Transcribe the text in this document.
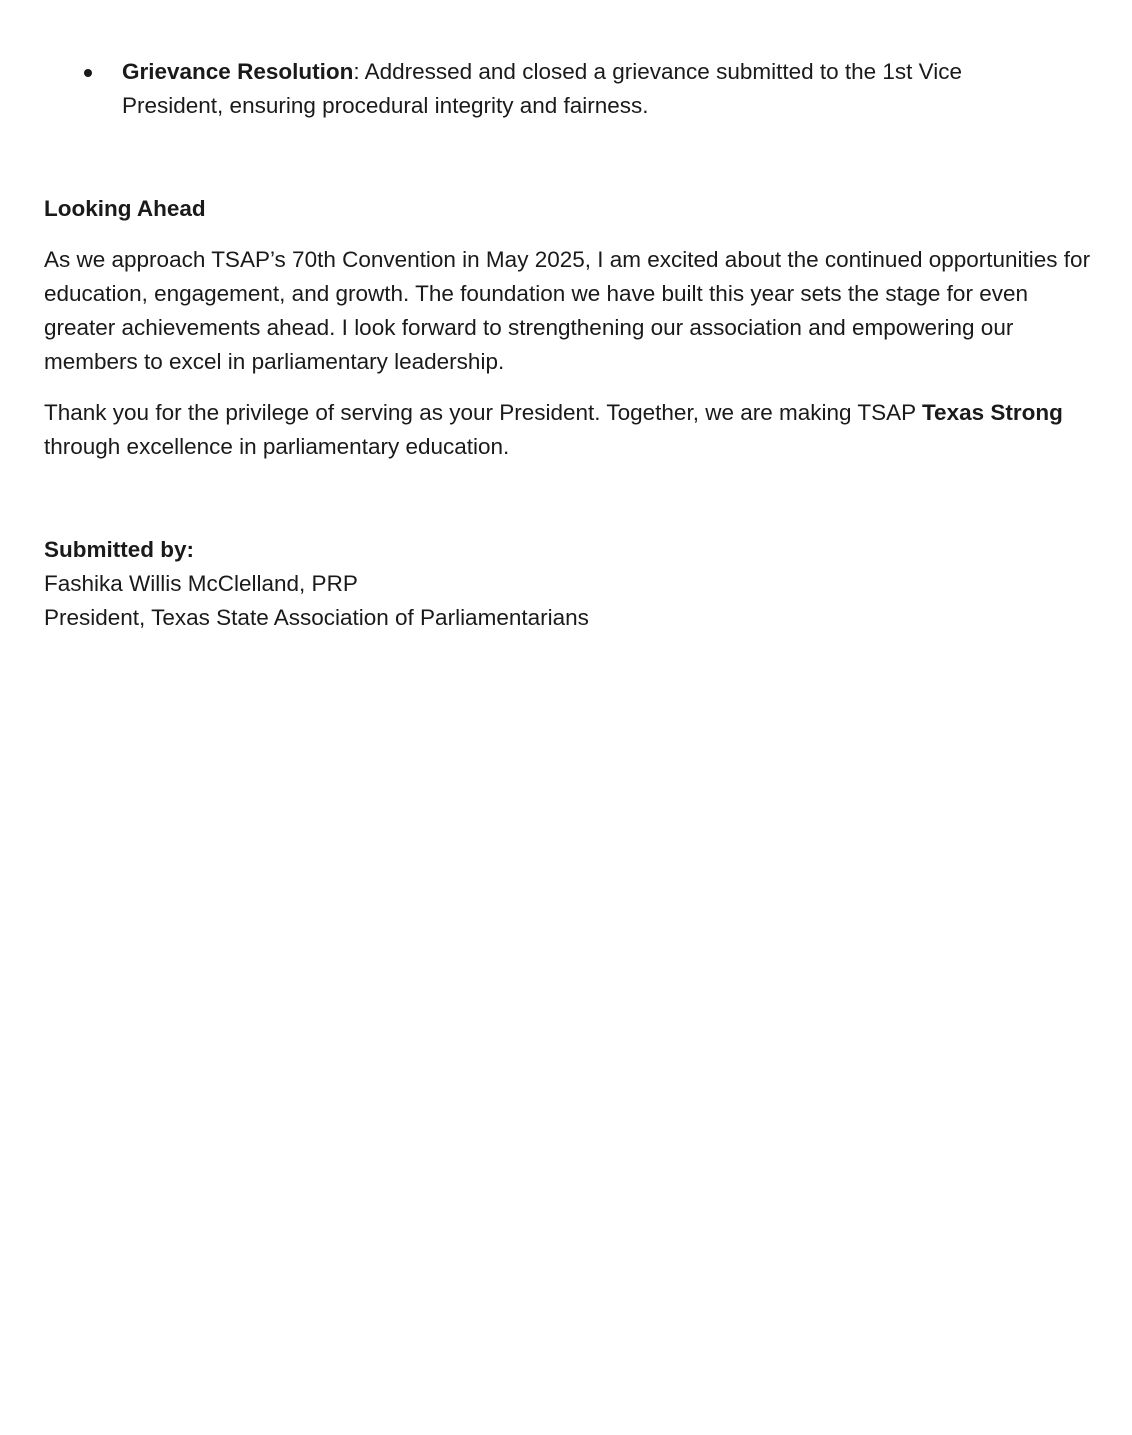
Grievance Resolution: Addressed and closed a grievance submitted to the 1st Vice President, ensuring procedural integrity and fairness.
Looking Ahead

As we approach TSAP’s 70th Convention in May 2025, I am excited about the continued opportunities for education, engagement, and growth. The foundation we have built this year sets the stage for even greater achievements ahead. I look forward to strengthening our association and empowering our members to excel in parliamentary leadership.

Thank you for the privilege of serving as your President. Together, we are making TSAP Texas Strong through excellence in parliamentary education.

Submitted by:
Fashika Willis McClelland, PRP
President, Texas State Association of Parliamentarians
